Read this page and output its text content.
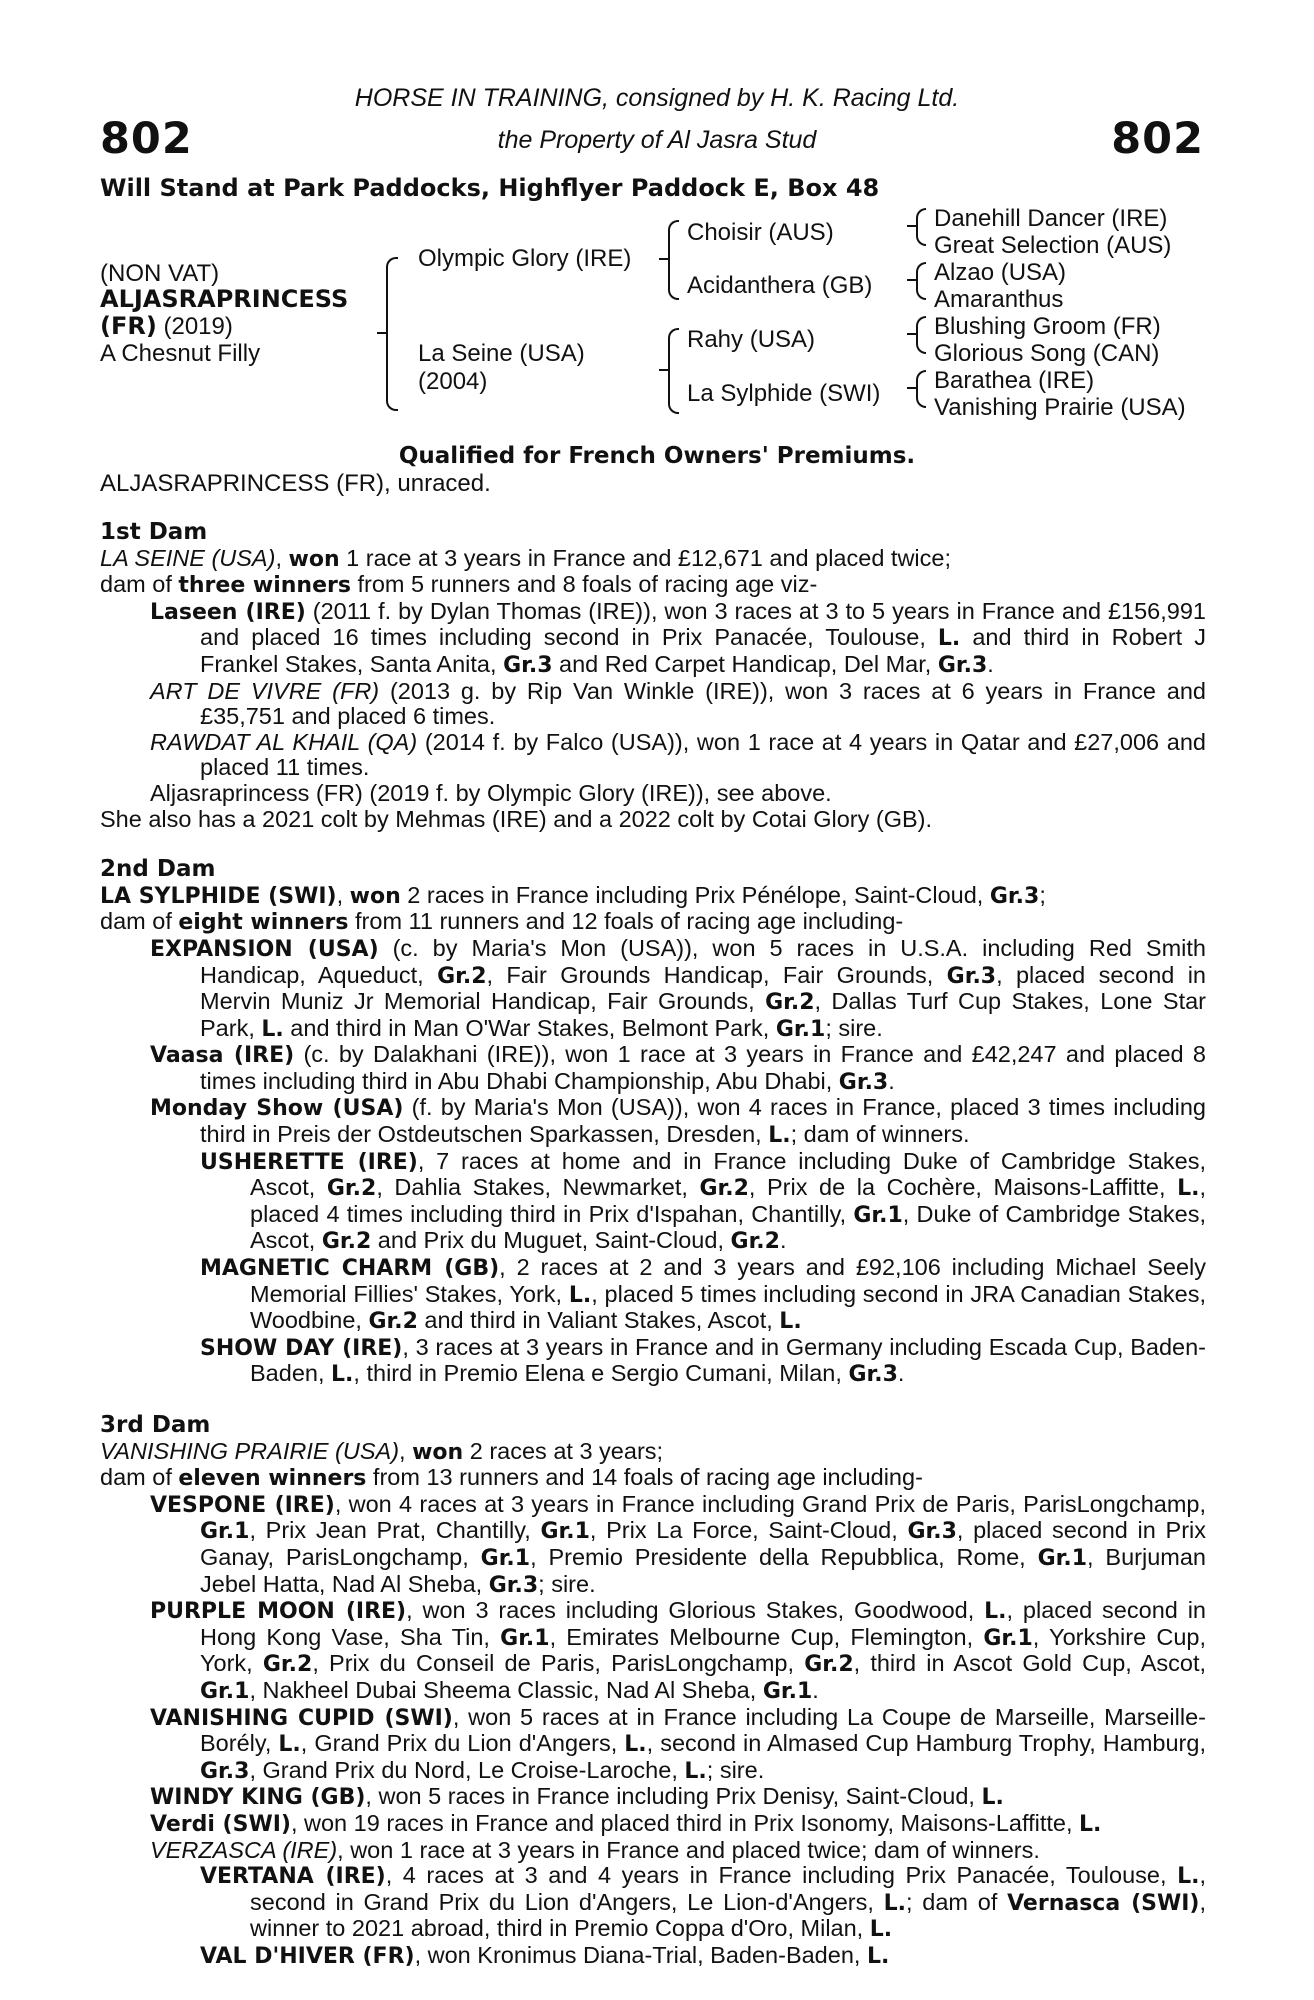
802	802
HORSE IN TRAINING, consigned by H. K. Racing Ltd.
the Property of Al Jasra Stud
Will Stand at Park Paddocks, Highflyer Paddock E, Box 48
(NON VAT)
ALJASRAPRINCESS
(FR) (2019)
A Chesnut Filly
Olympic Glory (IRE)
La Seine (USA)
(2004)
Choisir (AUS)
Acidanthera (GB)
Rahy (USA)
La Sylphide (SWI)
Danehill Dancer (IRE)
Great Selection (AUS)
Alzao (USA)
Amaranthus
Blushing Groom (FR)
Glorious Song (CAN)
Barathea (IRE)
Vanishing Prairie (USA)
Qualified for French Owners' Premiums.
ALJASRAPRINCESS (FR), unraced.
1st Dam

LA SEINE (USA), won 1 race at 3 years in France and £12,671 and placed twice;

dam of three winners from 5 runners and 8 foals of racing age viz-

Laseen (IRE) (2011 f. by Dylan Thomas (IRE)), won 3 races at 3 to 5 years in France and £156,991 and placed 16 times including second in Prix Panacée, Toulouse, L. and third in Robert J Frankel Stakes, Santa Anita, Gr.3 and Red Carpet Handicap, Del Mar, Gr.3.

ART DE VIVRE (FR) (2013 g. by Rip Van Winkle (IRE)), won 3 races at 6 years in France and £35,751 and placed 6 times.

RAWDAT AL KHAIL (QA) (2014 f. by Falco (USA)), won 1 race at 4 years in Qatar and £27,006 and placed 11 times.

Aljasraprincess (FR) (2019 f. by Olympic Glory (IRE)), see above.

She also has a 2021 colt by Mehmas (IRE) and a 2022 colt by Cotai Glory (GB).

2nd Dam

LA SYLPHIDE (SWI), won 2 races in France including Prix Pénélope, Saint-Cloud, Gr.3;

dam of eight winners from 11 runners and 12 foals of racing age including-

EXPANSION (USA) (c. by Maria's Mon (USA)), won 5 races in U.S.A. including Red Smith Handicap, Aqueduct, Gr.2, Fair Grounds Handicap, Fair Grounds, Gr.3, placed second in Mervin Muniz Jr Memorial Handicap, Fair Grounds, Gr.2, Dallas Turf Cup Stakes, Lone Star Park, L. and third in Man O'War Stakes, Belmont Park, Gr.1; sire.

Vaasa (IRE) (c. by Dalakhani (IRE)), won 1 race at 3 years in France and £42,247 and placed 8 times including third in Abu Dhabi Championship, Abu Dhabi, Gr.3.

Monday Show (USA) (f. by Maria's Mon (USA)), won 4 races in France, placed 3 times including third in Preis der Ostdeutschen Sparkassen, Dresden, L.; dam of winners.

USHERETTE (IRE), 7 races at home and in France including Duke of Cambridge Stakes, Ascot, Gr.2, Dahlia Stakes, Newmarket, Gr.2, Prix de la Cochère, Maisons-Laffitte, L., placed 4 times including third in Prix d'Ispahan, Chantilly, Gr.1, Duke of Cambridge Stakes, Ascot, Gr.2 and Prix du Muguet, Saint-Cloud, Gr.2.

MAGNETIC CHARM (GB), 2 races at 2 and 3 years and £92,106 including Michael Seely Memorial Fillies' Stakes, York, L., placed 5 times including second in JRA Canadian Stakes, Woodbine, Gr.2 and third in Valiant Stakes, Ascot, L.

SHOW DAY (IRE), 3 races at 3 years in France and in Germany including Escada Cup, Baden-Baden, L., third in Premio Elena e Sergio Cumani, Milan, Gr.3.

3rd Dam

VANISHING PRAIRIE (USA), won 2 races at 3 years;

dam of eleven winners from 13 runners and 14 foals of racing age including-

VESPONE (IRE), won 4 races at 3 years in France including Grand Prix de Paris, ParisLongchamp, Gr.1, Prix Jean Prat, Chantilly, Gr.1, Prix La Force, Saint-Cloud, Gr.3, placed second in Prix Ganay, ParisLongchamp, Gr.1, Premio Presidente della Repubblica, Rome, Gr.1, Burjuman Jebel Hatta, Nad Al Sheba, Gr.3; sire.

PURPLE MOON (IRE), won 3 races including Glorious Stakes, Goodwood, L., placed second in Hong Kong Vase, Sha Tin, Gr.1, Emirates Melbourne Cup, Flemington, Gr.1, Yorkshire Cup, York, Gr.2, Prix du Conseil de Paris, ParisLongchamp, Gr.2, third in Ascot Gold Cup, Ascot, Gr.1, Nakheel Dubai Sheema Classic, Nad Al Sheba, Gr.1.

VANISHING CUPID (SWI), won 5 races at in France including La Coupe de Marseille, Marseille-Borély, L., Grand Prix du Lion d'Angers, L., second in Almased Cup Hamburg Trophy, Hamburg, Gr.3, Grand Prix du Nord, Le Croise-Laroche, L.; sire.

WINDY KING (GB), won 5 races in France including Prix Denisy, Saint-Cloud, L.

Verdi (SWI), won 19 races in France and placed third in Prix Isonomy, Maisons-Laffitte, L.

VERZASCA (IRE), won 1 race at 3 years in France and placed twice; dam of winners.

VERTANA (IRE), 4 races at 3 and 4 years in France including Prix Panacée, Toulouse, L., second in Grand Prix du Lion d'Angers, Le Lion-d'Angers, L.; dam of Vernasca (SWI), winner to 2021 abroad, third in Premio Coppa d'Oro, Milan, L.

VAL D'HIVER (FR), won Kronimus Diana-Trial, Baden-Baden, L.
